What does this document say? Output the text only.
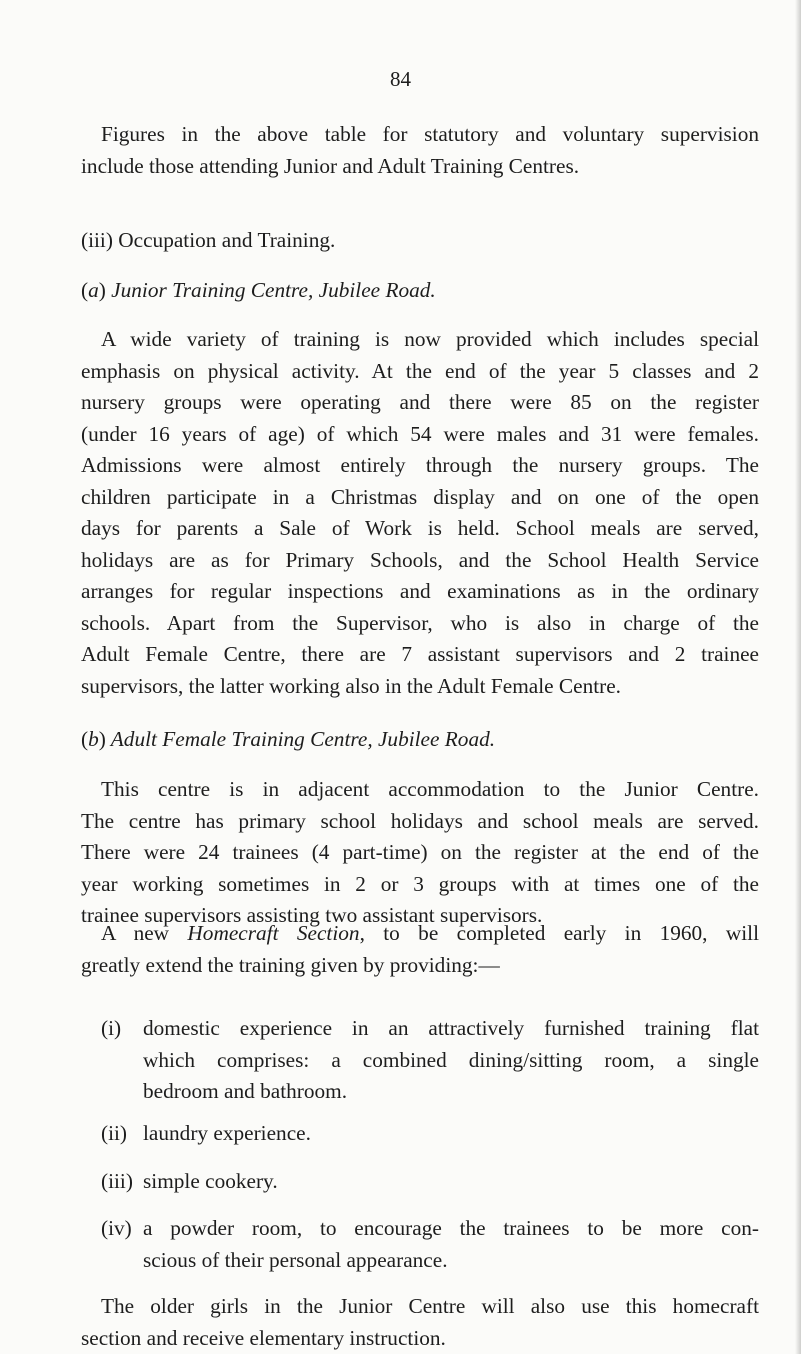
84
Figures in the above table for statutory and voluntary supervision
include those attending Junior and Adult Training Centres.
(iii) Occupation and Training.
(a) Junior Training Centre, Jubilee Road.
A wide variety of training is now provided which includes special
emphasis on physical activity. At the end of the year 5 classes and 2
nursery groups were operating and there were 85 on the register
(under 16 years of age) of which 54 were males and 31 were females.
Admissions were almost entirely through the nursery groups. The
children participate in a Christmas display and on one of the open
days for parents a Sale of Work is held. School meals are served,
holidays are as for Primary Schools, and the School Health Service
arranges for regular inspections and examinations as in the ordinary
schools. Apart from the Supervisor, who is also in charge of the
Adult Female Centre, there are 7 assistant supervisors and 2 trainee
supervisors, the latter working also in the Adult Female Centre.
(b) Adult Female Training Centre, Jubilee Road.
This centre is in adjacent accommodation to the Junior Centre.
The centre has primary school holidays and school meals are served.
There were 24 trainees (4 part-time) on the register at the end of the
year working sometimes in 2 or 3 groups with at times one of the
trainee supervisors assisting two assistant supervisors.
A new Homecraft Section, to be completed early in 1960, will
greatly extend the training given by providing:—
(i) domestic experience in an attractively furnished training flat
which comprises: a combined dining/sitting room, a single
bedroom and bathroom.
(ii) laundry experience.
(iii) simple cookery.
(iv) a powder room, to encourage the trainees to be more con-
scious of their personal appearance.
The older girls in the Junior Centre will also use this homecraft
section and receive elementary instruction.
